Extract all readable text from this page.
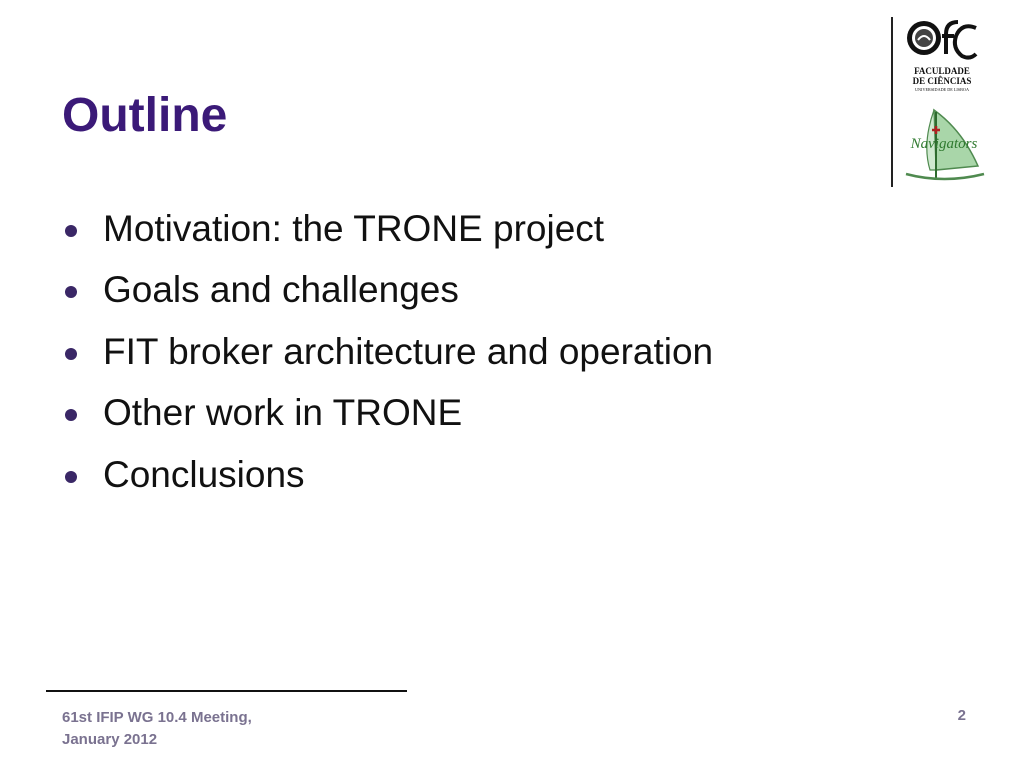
Outline
Motivation: the TRONE project
Goals and challenges
FIT broker architecture and operation
Other work in TRONE
Conclusions
FACULDADE
DE CIÊNCIAS
UNIVERSIDADE DE LISBOA
Navigators
61st IFIP WG 10.4 Meeting,
January 2012
2
